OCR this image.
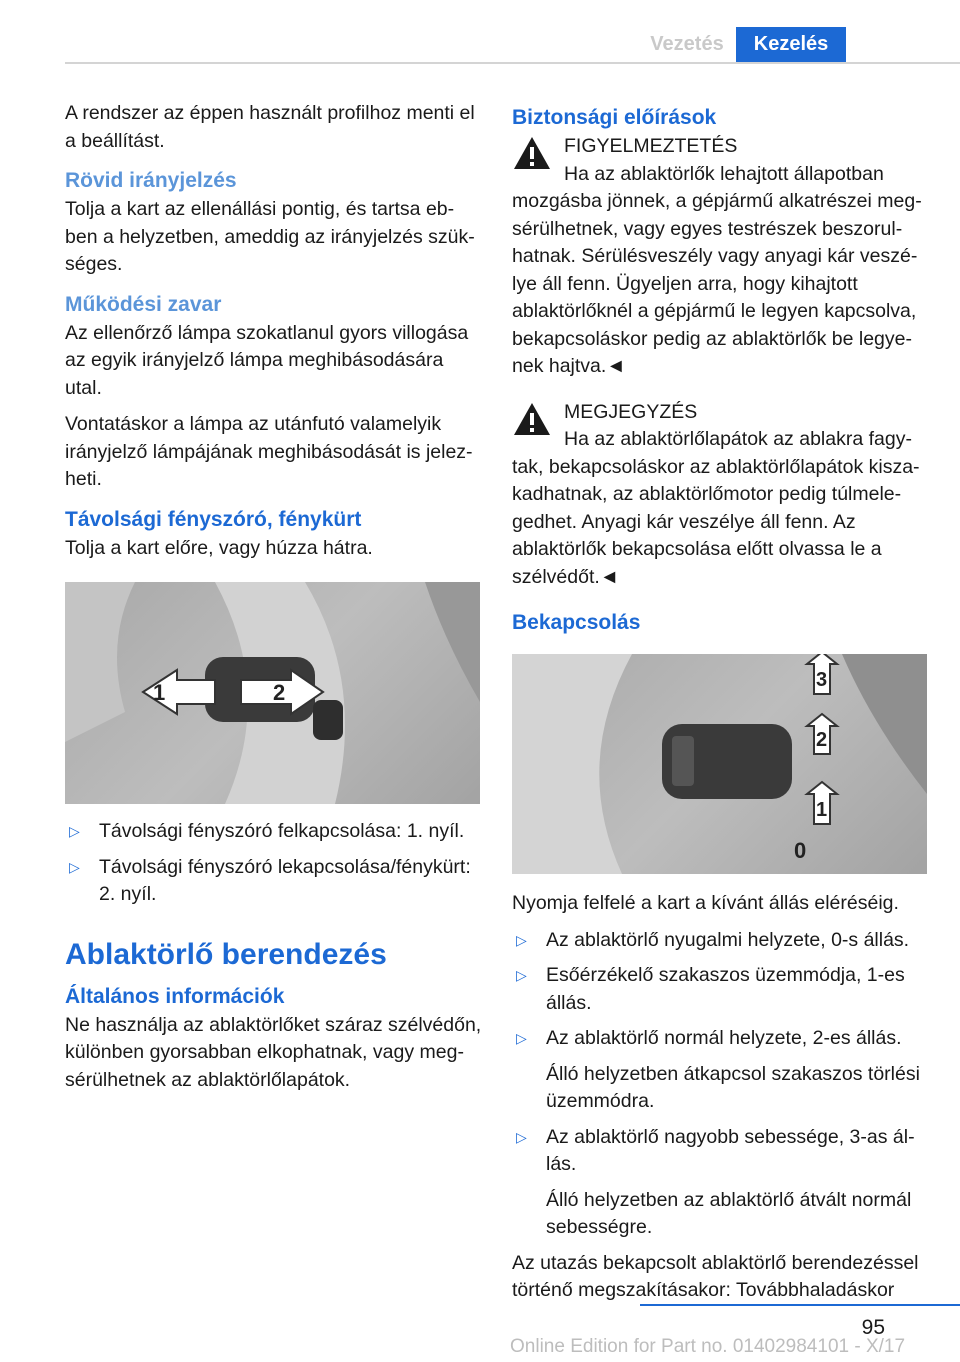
Vezetés	Kezelés

A rendszer az éppen használt profilhoz menti el a beállítást.

Rövid irányjelzés

Tolja a kart az ellenállási pontig, és tartsa eb-ben a helyzetben, ameddig az irányjelzés szük-séges.

Működési zavar

Az ellenőrző lámpa szokatlanul gyors villogása az egyik irányjelző lámpa meghibásodására utal.

Vontatáskor a lámpa az utánfutó valamelyik irányjelző lámpájának meghibásodását is jelez-heti.

Távolsági fényszóró, fénykürt

Tolja a kart előre, vagy húzza hátra.

1	2
▷ Távolsági fényszóró felkapcsolása: 1. nyíl.
▷ Távolsági fényszóró lekapcsolása/fénykürt: 2. nyíl.
Ablaktörlő berendezés
Általános információk

Ne használja az ablaktörlőket száraz szélvédőn, különben gyorsabban elkophatnak, vagy meg-sérülhetnek az ablaktörlőlapátok.

Biztonsági előírások
FIGYELMEZTETÉS
Ha az ablaktörlők lehajtott állapotban
mozgásba jönnek, a gépjármű alkatrészei meg-sérülhetnek, vagy egyes testrészek beszorul-hatnak. Sérülésveszély vagy anyagi kár veszé-lye áll fenn. Ügyeljen arra, hogy kihajtott ablaktörlőknél a gépjármű le legyen kapcsolva, bekapcsoláskor pedig az ablaktörlők be legye-nek hajtva.◄
MEGJEGYZÉS
Ha az ablaktörlőlapátok az ablakra fagy-
tak, bekapcsoláskor az ablaktörlőlapátok kisza-kadhatnak, az ablaktörlőmotor pedig túlmele-gedhet. Anyagi kár veszélye áll fenn. Az ablaktörlők bekapcsolása előtt olvassa le a szélvédőt.◄
Bekapcsolás
3
2
1
0

Nyomja felfelé a kart a kívánt állás eléréséig.

▷ Az ablaktörlő nyugalmi helyzete, 0-s állás.
▷ Esőérzékelő szakaszos üzemmódja, 1-es állás.
▷ Az ablaktörlő normál helyzete, 2-es állás.
Álló helyzetben átkapcsol szakaszos törlési üzemmódra.
▷ Az ablaktörlő nagyobb sebessége, 3-as ál-lás.
Álló helyzetben az ablaktörlő átvált normál sebességre.

Az utazás bekapcsolt ablaktörlő berendezéssel történő megszakításakor: Továbbhaladáskor

95
Online Edition for Part no. 01402984101 - X/17
